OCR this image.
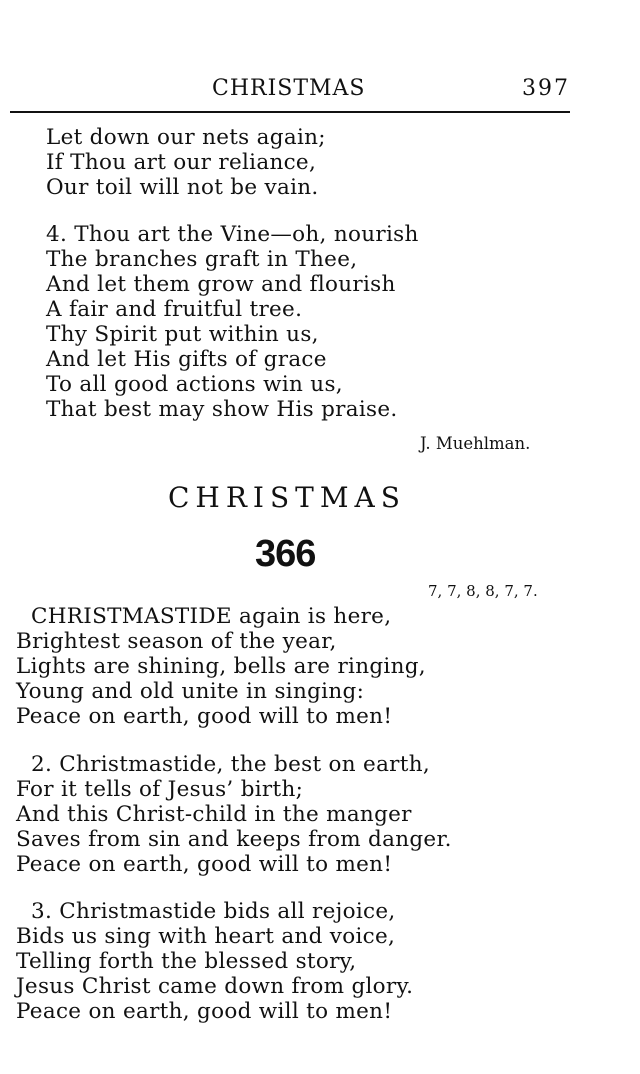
CHRISTMAS	397
Let down our nets again;
If Thou art our reliance,
Our toil will not be vain.
4. Thou art the Vine—oh, nourish
The branches graft in Thee,
And let them grow and flourish
A fair and fruitful tree.
Thy Spirit put within us,
And let His gifts of grace
To all good actions win us,
That best may show His praise.
J. Muehlman.
CHRISTMAS
366
7, 7, 8, 8, 7, 7.
CHRISTMASTIDE again is here,
Brightest season of the year,
Lights are shining, bells are ringing,
Young and old unite in singing:
Peace on earth, good will to men!
2. Christmastide, the best on earth,
For it tells of Jesus’ birth;
And this Christ-child in the manger
Saves from sin and keeps from danger.
Peace on earth, good will to men!
3. Christmastide bids all rejoice,
Bids us sing with heart and voice,
Telling forth the blessed story,
Jesus Christ came down from glory.
Peace on earth, good will to men!
